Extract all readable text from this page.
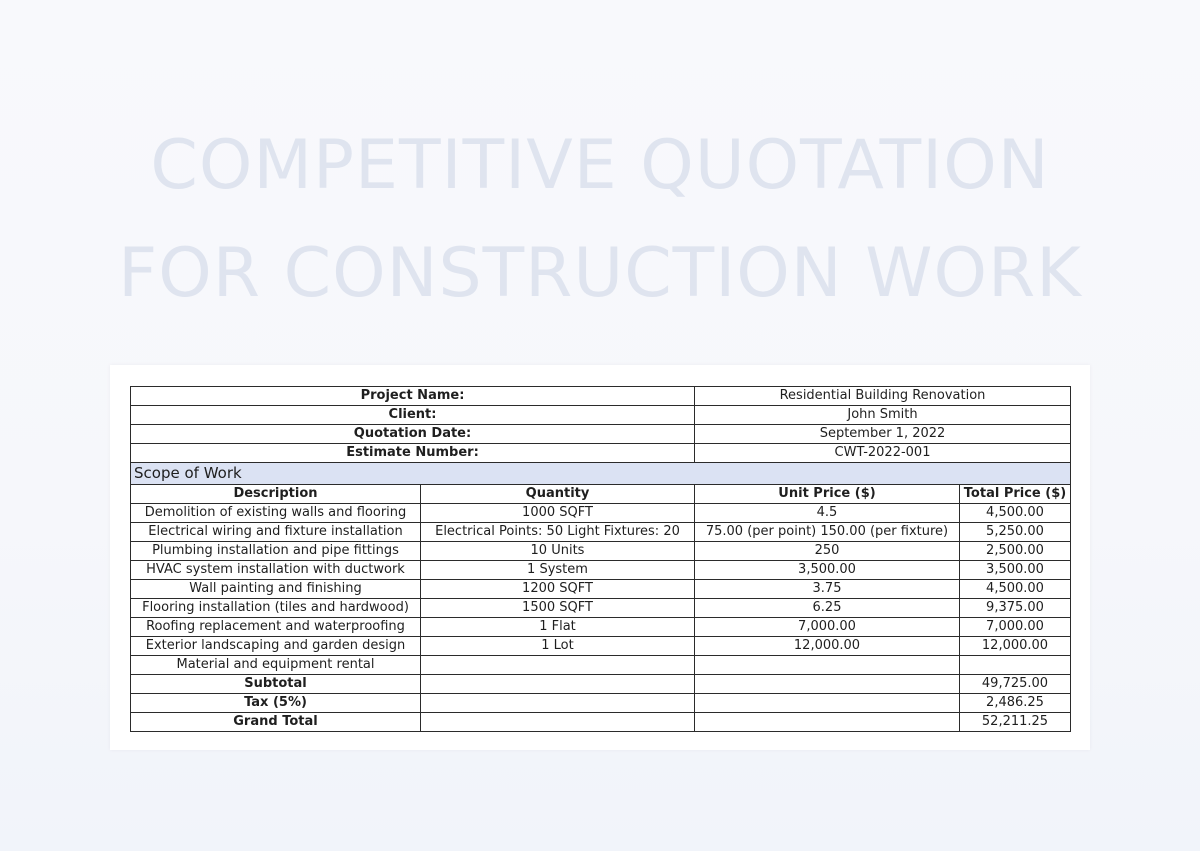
COMPETITIVE QUOTATION
FOR CONSTRUCTION WORK
Project Name:		Residential Building Renovation	
Client:		John Smith	
Quotation Date:		September 1, 2022	
Estimate Number:		CWT-2022-001	
Scope of Work			
Description	Quantity	Unit Price ($)	Total Price ($)
Demolition of existing walls and flooring	1000 SQFT	4.5	4,500.00
Electrical wiring and fixture installation	Electrical Points: 50 Light Fixtures: 20	75.00 (per point) 150.00 (per fixture)	5,250.00
Plumbing installation and pipe fittings	10 Units	250	2,500.00
HVAC system installation with ductwork	1 System	3,500.00	3,500.00
Wall painting and finishing	1200 SQFT	3.75	4,500.00
Flooring installation (tiles and hardwood)	1500 SQFT	6.25	9,375.00
Roofing replacement and waterproofing	1 Flat	7,000.00	7,000.00
Exterior landscaping and garden design	1 Lot	12,000.00	12,000.00
Material and equipment rental			
Subtotal			49,725.00
Tax (5%)			2,486.25
Grand Total			52,211.25
